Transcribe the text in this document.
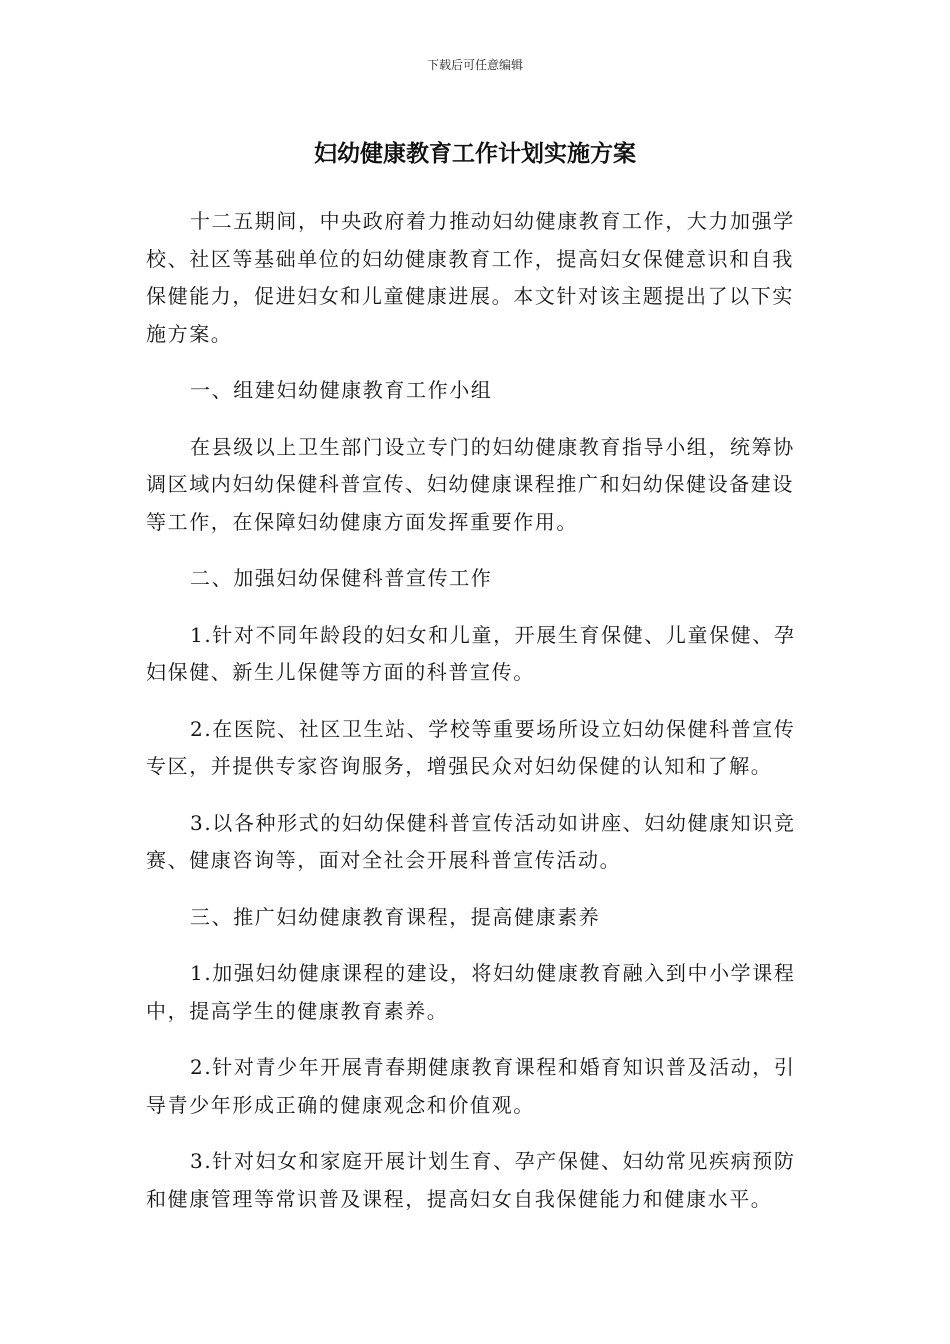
下载后可任意编辑
妇幼健康教育工作计划实施方案

十二五期间，中央政府着力推动妇幼健康教育工作，大力加强学校、社区等基础单位的妇幼健康教育工作，提高妇女保健意识和自我保健能力，促进妇女和儿童健康进展。本文针对该主题提出了以下实施方案。

一、组建妇幼健康教育工作小组

在县级以上卫生部门设立专门的妇幼健康教育指导小组，统筹协调区域内妇幼保健科普宣传、妇幼健康课程推广和妇幼保健设备建设等工作，在保障妇幼健康方面发挥重要作用。

二、加强妇幼保健科普宣传工作

1.针对不同年龄段的妇女和儿童，开展生育保健、儿童保健、孕妇保健、新生儿保健等方面的科普宣传。

2.在医院、社区卫生站、学校等重要场所设立妇幼保健科普宣传专区，并提供专家咨询服务，增强民众对妇幼保健的认知和了解。

3.以各种形式的妇幼保健科普宣传活动如讲座、妇幼健康知识竞赛、健康咨询等，面对全社会开展科普宣传活动。

三、推广妇幼健康教育课程，提高健康素养

1.加强妇幼健康课程的建设，将妇幼健康教育融入到中小学课程中，提高学生的健康教育素养。

2.针对青少年开展青春期健康教育课程和婚育知识普及活动，引导青少年形成正确的健康观念和价值观。

3.针对妇女和家庭开展计划生育、孕产保健、妇幼常见疾病预防和健康管理等常识普及课程，提高妇女自我保健能力和健康水平。
